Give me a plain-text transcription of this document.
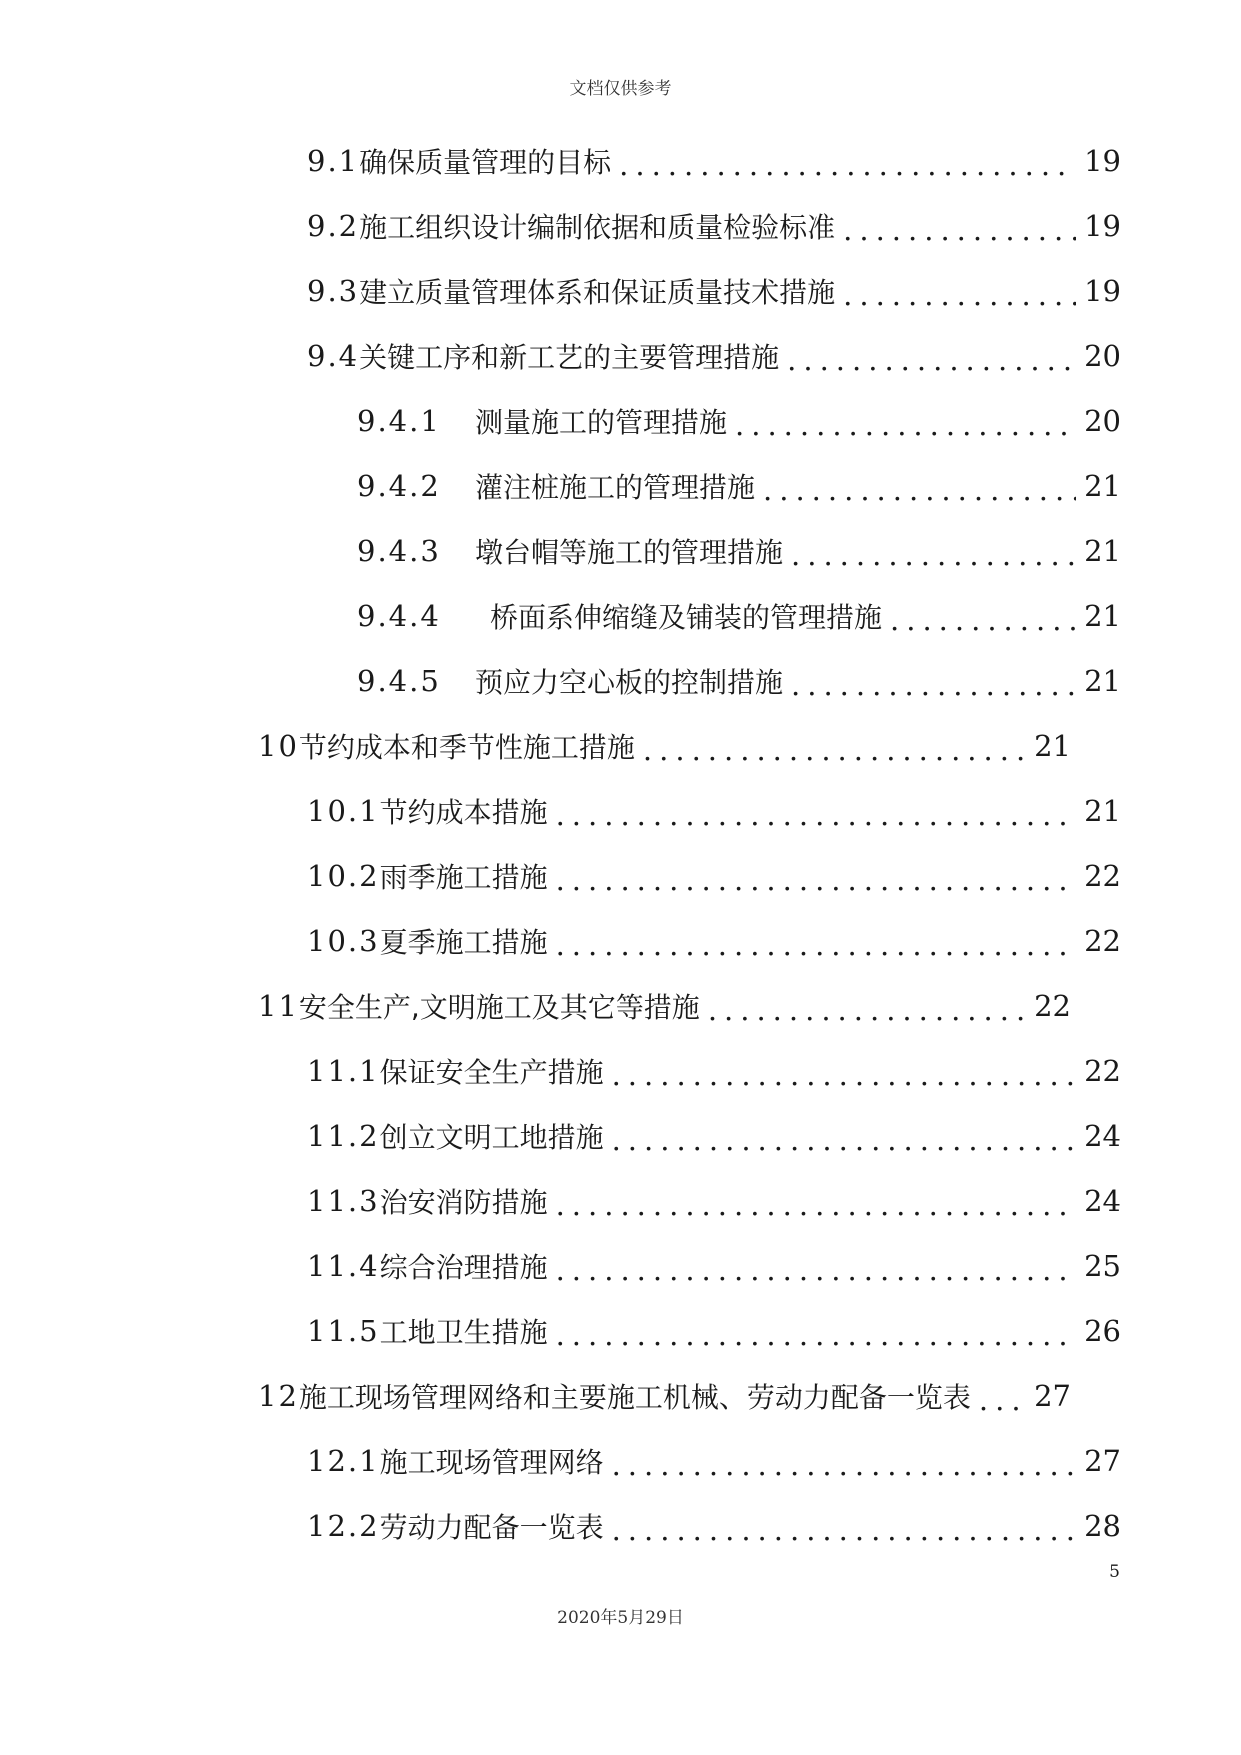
文档仅供参考
9.1 确保质量管理的目标 .....	19
9.2 施工组织设计编制依据和质量检验标准 .....	19
9.3 建立质量管理体系和保证质量技术措施 .....	19
9.4 关键工序和新工艺的主要管理措施 .....	20
9.4.1	测量施工的管理措施 .....	20
9.4.2	灌注桩施工的管理措施 .....	21
9.4.3	墩台帽等施工的管理措施 .....	21
9.4.4	桥面系伸缩缝及铺装的管理措施 .....	21
9.4.5	预应力空心板的控制措施 .....	21
10 节约成本和季节性施工措施 .....	21
10.1 节约成本措施 .....	21
10.2 雨季施工措施 .....	22
10.3 夏季施工措施 .....	22
11 安全生产,文明施工及其它等措施 .....	22
11.1 保证安全生产措施 .....	22
11.2 创立文明工地措施 .....	24
11.3 治安消防措施 .....	24
11.4 综合治理措施 .....	25
11.5 工地卫生措施 .....	26
12 施工现场管理网络和主要施工机械、劳动力配备一览表 ..... 27
12.1 施工现场管理网络 .....	27
12.2 劳动力配备一览表 .....	28
5
2020年5月29日
